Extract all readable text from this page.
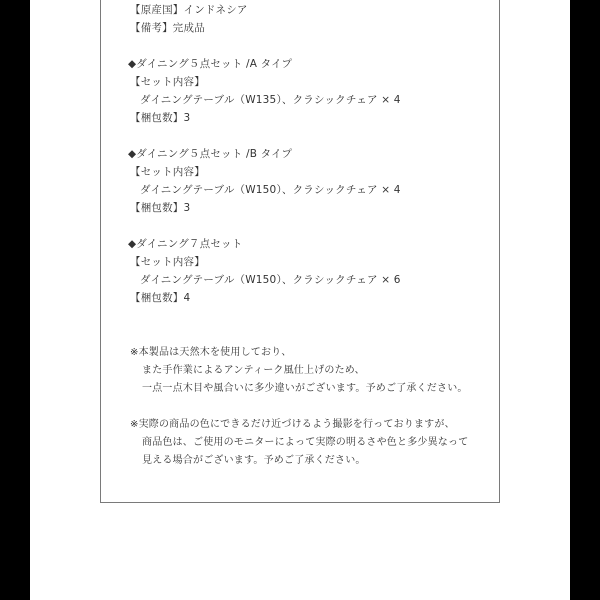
【原産国】インドネシア
【備考】完成品
◆ダイニング５点セット /A タイプ
【セット内容】
ダイニングテーブル（W135）、クラシックチェア × 4
【梱包数】3
◆ダイニング５点セット /B タイプ
【セット内容】
ダイニングテーブル（W150）、クラシックチェア × 4
【梱包数】3
◆ダイニング７点セット
【セット内容】
ダイニングテーブル（W150）、クラシックチェア × 6
【梱包数】4
※本製品は天然木を使用しており、
また手作業によるアンティーク風仕上げのため、
一点一点木目や風合いに多少違いがございます。予めご了承ください。
※実際の商品の色にできるだけ近づけるよう撮影を行っておりますが、
商品色は、ご使用のモニターによって実際の明るさや色と多少異なって
見える場合がございます。予めご了承ください。
